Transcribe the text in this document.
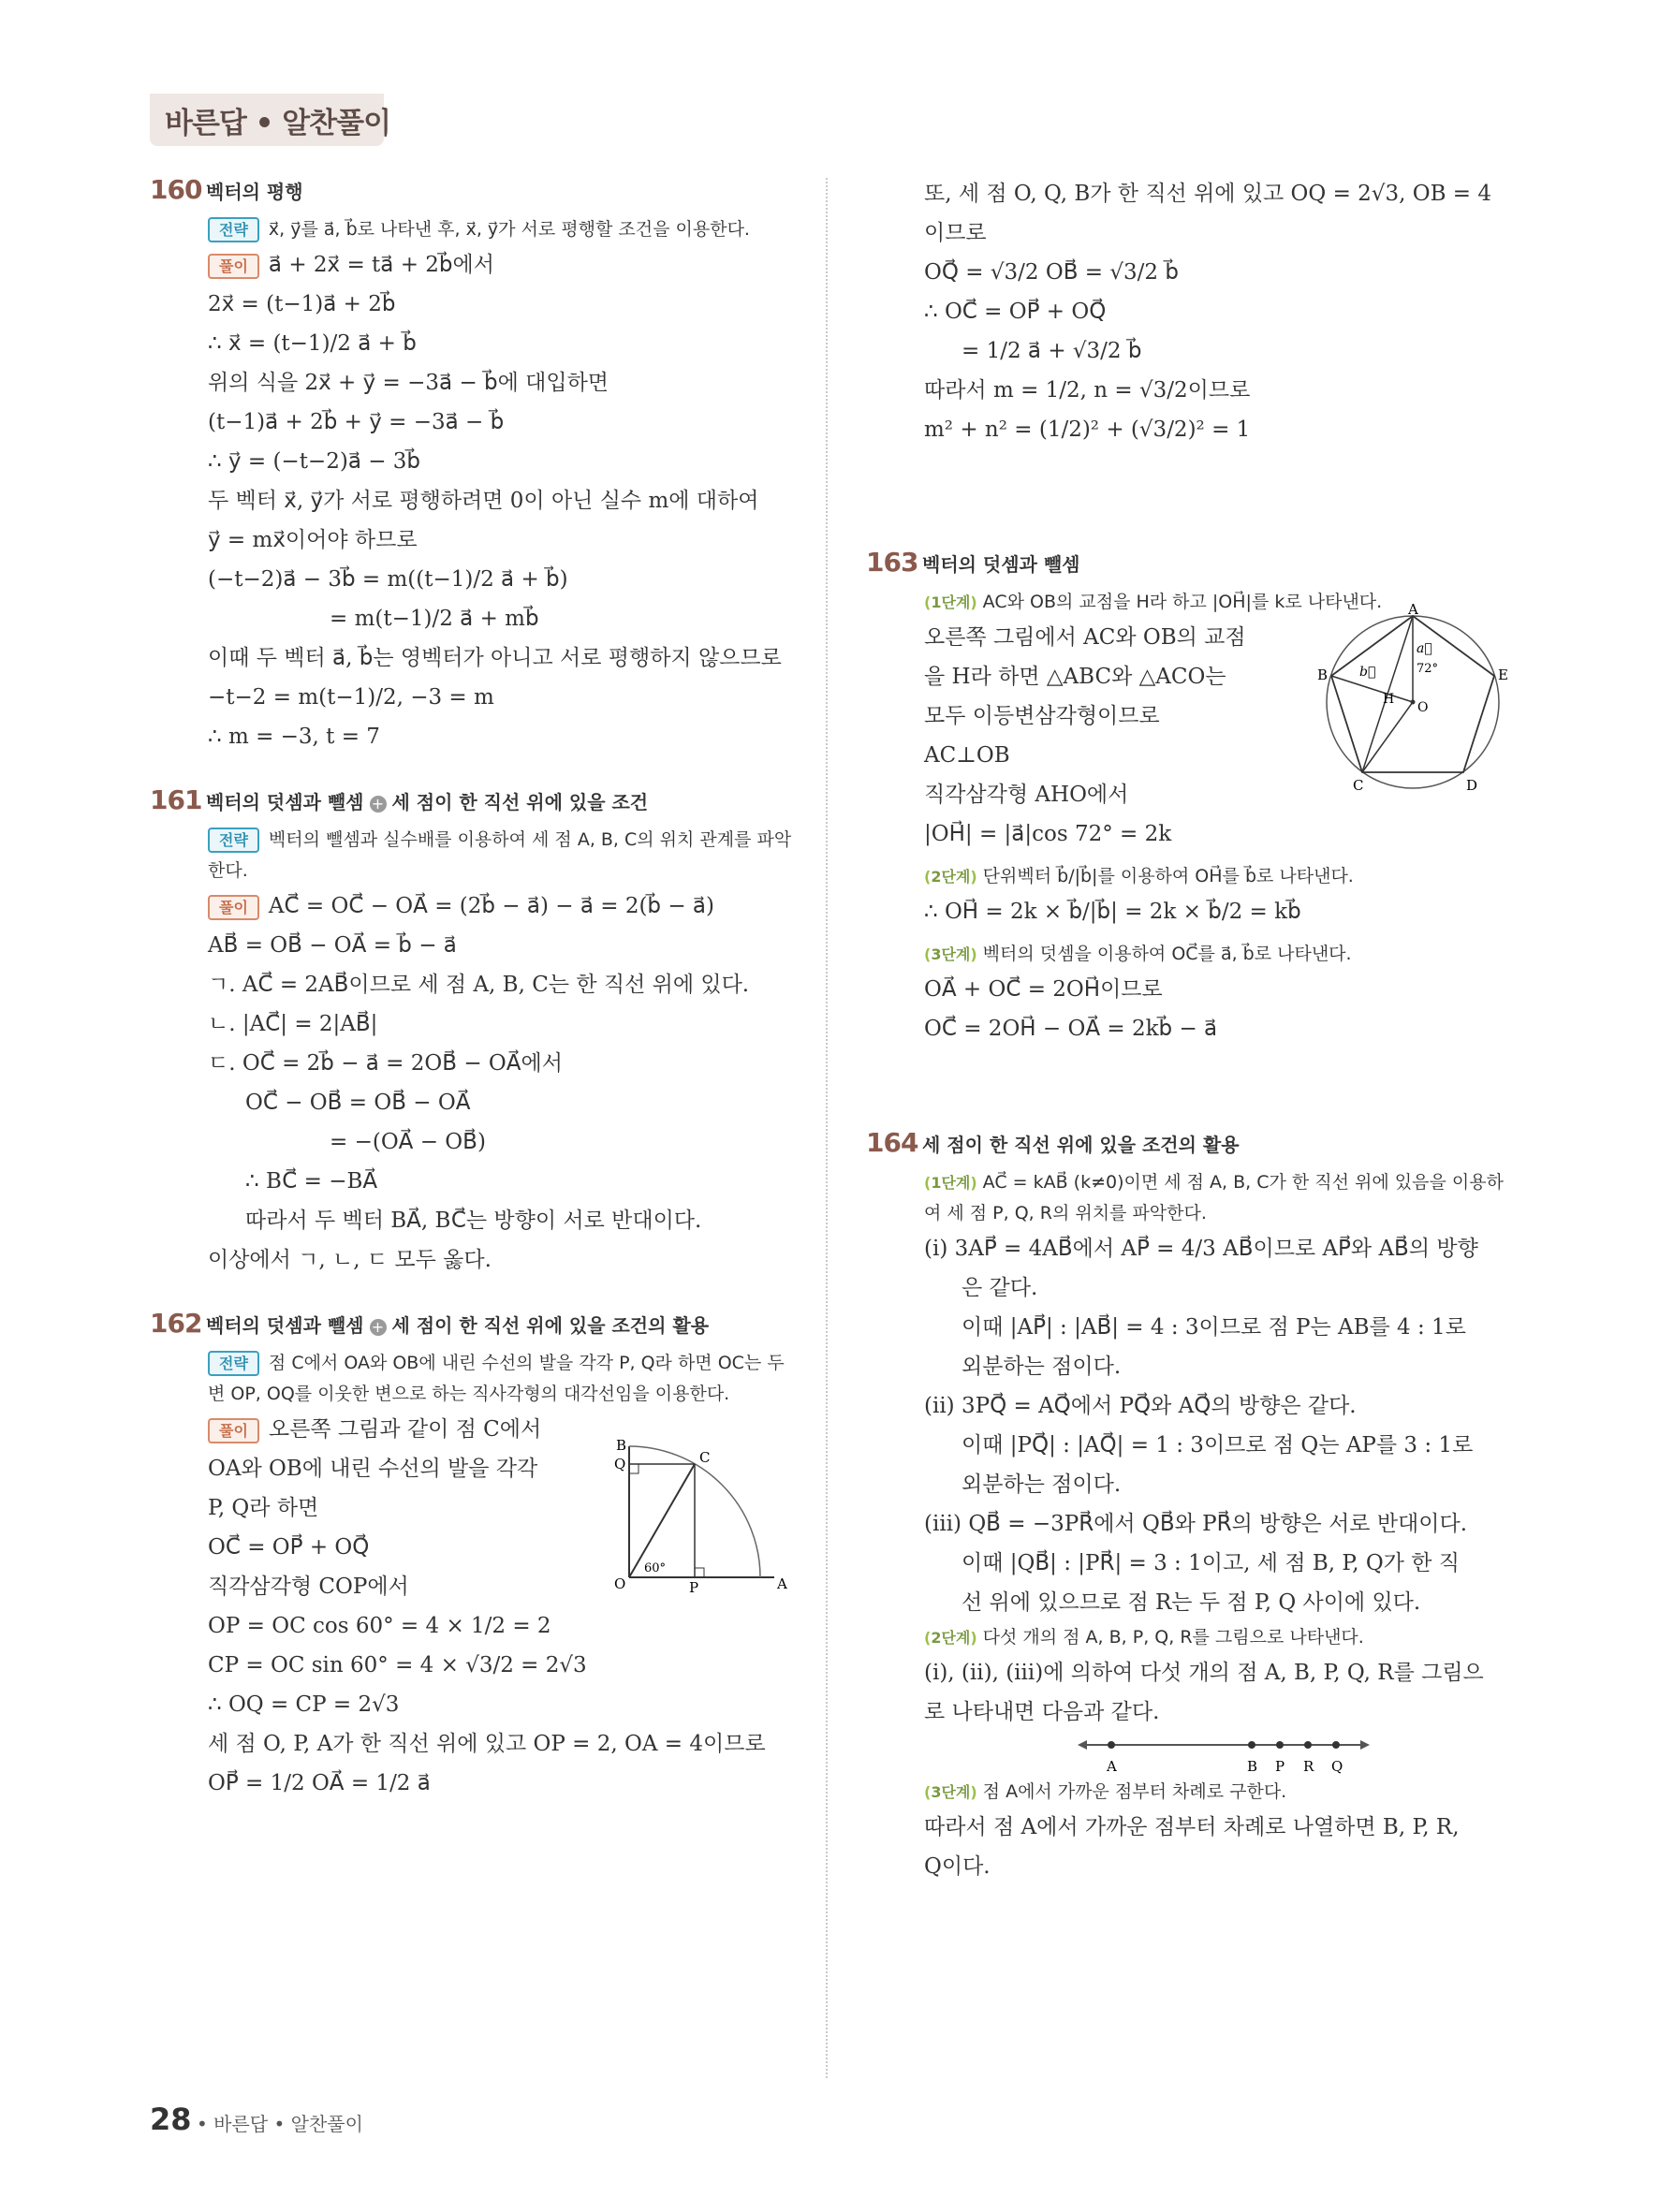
바른답 • 알찬풀이
160 벡터의 평행
전략 x⃗, y⃗를 a⃗, b⃗로 나타낸 후, x⃗, y⃗가 서로 평행할 조건을 이용한다.
풀이 a⃗ + 2x⃗ = ta⃗ + 2b⃗에서
2x⃗ = (t−1)a⃗ + 2b⃗
∴ x⃗ = (t−1)/2 a⃗ + b⃗
위의 식을 2x⃗ + y⃗ = −3a⃗ − b⃗에 대입하면
(t−1)a⃗ + 2b⃗ + y⃗ = −3a⃗ − b⃗
∴ y⃗ = (−t−2)a⃗ − 3b⃗
두 벡터 x⃗, y⃗가 서로 평행하려면 0이 아닌 실수 m에 대하여
y⃗ = mx⃗이어야 하므로
(−t−2)a⃗ − 3b⃗ = m((t−1)/2 a⃗ + b⃗)
= m(t−1)/2 a⃗ + mb⃗
이때 두 벡터 a⃗, b⃗는 영벡터가 아니고 서로 평행하지 않으므로
−t−2 = m(t−1)/2, −3 = m
∴ m = −3, t = 7
161 벡터의 덧셈과 뺄셈 + 세 점이 한 직선 위에 있을 조건
전략 벡터의 뺄셈과 실수배를 이용하여 세 점 A, B, C의 위치 관계를 파악한다.
풀이 AC⃗ = OC⃗ − OA⃗ = (2b⃗ − a⃗) − a⃗ = 2(b⃗ − a⃗)
AB⃗ = OB⃗ − OA⃗ = b⃗ − a⃗
ㄱ. AC⃗ = 2AB⃗이므로 세 점 A, B, C는 한 직선 위에 있다.
ㄴ. |AC⃗| = 2|AB⃗|
ㄷ. OC⃗ = 2b⃗ − a⃗ = 2OB⃗ − OA⃗에서
OC⃗ − OB⃗ = OB⃗ − OA⃗
= −(OA⃗ − OB⃗)
∴ BC⃗ = −BA⃗
따라서 두 벡터 BA⃗, BC⃗는 방향이 서로 반대이다.
이상에서 ㄱ, ㄴ, ㄷ 모두 옳다.
162 벡터의 덧셈과 뺄셈 + 세 점이 한 직선 위에 있을 조건의 활용
전략 점 C에서 OA와 OB에 내린 수선의 발을 각각 P, Q라 하면 OC는 두 변 OP, OQ를 이웃한 변으로 하는 직사각형의 대각선임을 이용한다.
풀이 오른쪽 그림과 같이 점 C에서
OA와 OB에 내린 수선의 발을 각각
P, Q라 하면
OC⃗ = OP⃗ + OQ⃗
직각삼각형 COP에서
OP = OC cos 60° = 4 × 1/2 = 2
CP = OC sin 60° = 4 × √3/2 = 2√3
∴ OQ = CP = 2√3
세 점 O, P, A가 한 직선 위에 있고 OP = 2, OA = 4이므로
OP⃗ = 1/2 OA⃗ = 1/2 a⃗
B
Q	C
O	P	A
60°
또, 세 점 O, Q, B가 한 직선 위에 있고 OQ = 2√3, OB = 4
이므로
OQ⃗ = √3/2 OB⃗ = √3/2 b⃗
∴ OC⃗ = OP⃗ + OQ⃗
= 1/2 a⃗ + √3/2 b⃗
따라서 m = 1/2, n = √3/2이므로
m² + n² = (1/2)² + (√3/2)² = 1
163 벡터의 덧셈과 뺄셈
( 1단계 ) AC와 OB의 교점을 H라 하고 |OH⃗|를 k로 나타낸다.
오른쪽 그림에서 AC와 OB의 교점
을 H라 하면 △ABC와 △ACO는
모두 이등변삼각형이므로
AC⊥OB
직각삼각형 AHO에서
|OH⃗| = |a⃗|cos 72° = 2k
( 2단계 ) 단위벡터 b⃗/|b⃗|를 이용하여 OH⃗를 b⃗로 나타낸다.
∴ OH⃗ = 2k × b⃗/|b⃗| = 2k × b⃗/2 = kb⃗
( 3단계 ) 벡터의 덧셈을 이용하여 OC⃗를 a⃗, b⃗로 나타낸다.
OA⃗ + OC⃗ = 2OH⃗이므로
OC⃗ = 2OH⃗ − OA⃗ = 2kb⃗ − a⃗
A
B	E
C	D
H
O
b⃗
a⃗
72°
164 세 점이 한 직선 위에 있을 조건의 활용
( 1단계 ) AC⃗ = kAB⃗ (k≠0)이면 세 점 A, B, C가 한 직선 위에 있음을 이용하여 세 점 P, Q, R의 위치를 파악한다.
(ⅰ) 3AP⃗ = 4AB⃗에서 AP⃗ = 4/3 AB⃗이므로 AP⃗와 AB⃗의 방향
은 같다.
이때 |AP⃗| : |AB⃗| = 4 : 3이므로 점 P는 AB를 4 : 1로
외분하는 점이다.
(ⅱ) 3PQ⃗ = AQ⃗에서 PQ⃗와 AQ⃗의 방향은 같다.
이때 |PQ⃗| : |AQ⃗| = 1 : 3이므로 점 Q는 AP를 3 : 1로
외분하는 점이다.
(ⅲ) QB⃗ = −3PR⃗에서 QB⃗와 PR⃗의 방향은 서로 반대이다.
이때 |QB⃗| : |PR⃗| = 3 : 1이고, 세 점 B, P, Q가 한 직
선 위에 있으므로 점 R는 두 점 P, Q 사이에 있다.
( 2단계 ) 다섯 개의 점 A, B, P, Q, R를 그림으로 나타낸다.
(ⅰ), (ⅱ), (ⅲ)에 의하여 다섯 개의 점 A, B, P, Q, R를 그림으
로 나타내면 다음과 같다.
A	B P R Q
( 3단계 ) 점 A에서 가까운 점부터 차례로 구한다.
따라서 점 A에서 가까운 점부터 차례로 나열하면 B, P, R,
Q이다.
28 • 바른답 • 알찬풀이
